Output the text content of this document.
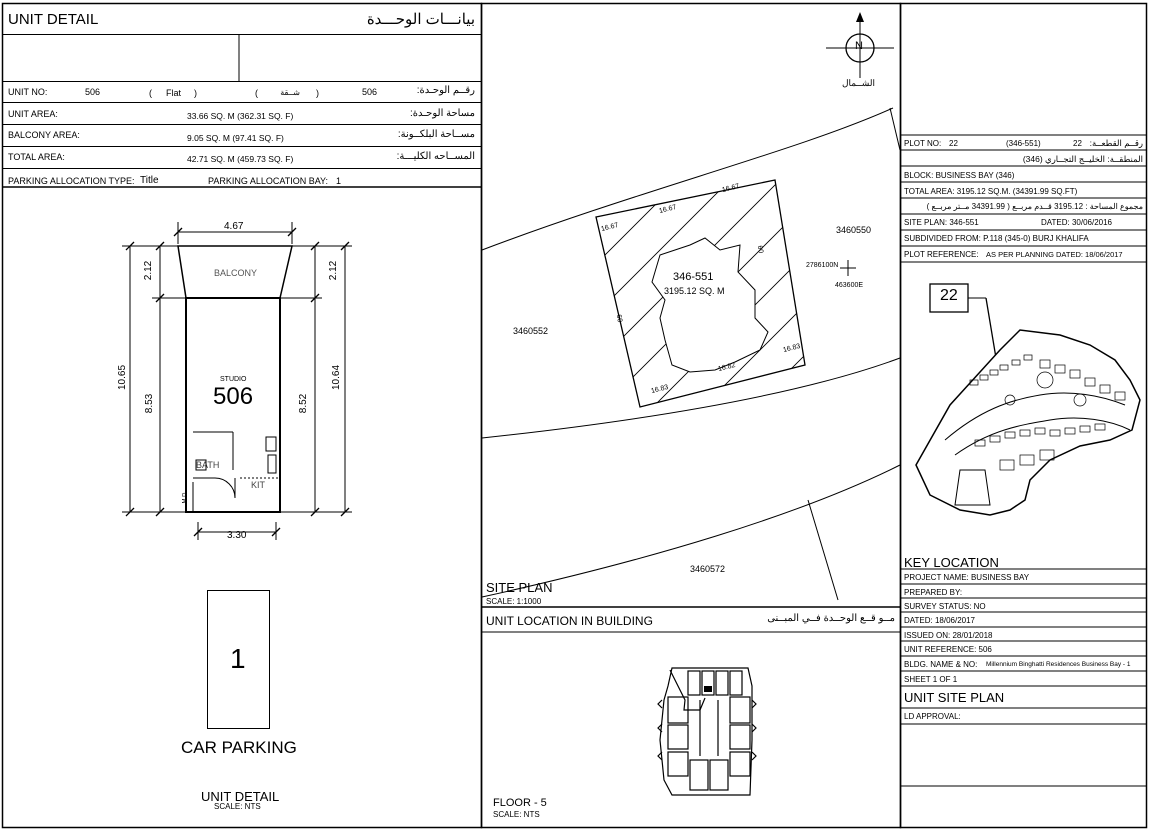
UNIT DETAIL	بيانـــات الوحـــدة
UNIT NO:	506	( Flat )	(	شــقة )	506	رقــم الوحـدة:
UNIT AREA:	33.66 SQ. M (362.31 SQ. F)	مساحة الوحـدة:
BALCONY AREA:	9.05 SQ. M (97.41 SQ. F)	مســاحة البلكــونة:
TOTAL AREA:	42.71 SQ. M (459.73 SQ. F)	المســاحه الكليـــة:
PARKING ALLOCATION TYPE: Title	PARKING ALLOCATION BAY: 1
4.67
3.30
10.65
2.12
8.53
10.64
2.12
8.52
BALCONY
STUDIO
506
BATH
KIT
M.D
1
CAR PARKING
UNIT DETAIL
SCALE: NTS
N
الشــمال
346-551
3195.12 SQ. M
16.67
16.67
16.67
60
60
16.83
16.82
16.83
3460552
3460550
3460572
2786100N
463600E
SITE PLAN
SCALE: 1:1000
UNIT LOCATION IN BUILDING	مــو قــع الوحــدة فــي المبــنى
FLOOR - 5
SCALE: NTS
PLOT NO: 22	(346-551)	22 رقــم القطعــة:
المنطقــة: الخليــج التجــاري (346)
BLOCK: BUSINESS BAY (346)
TOTAL AREA: 3195.12 SQ.M. (34391.99 SQ.FT)
مجموع المساحة : 3195.12 قــدم مربــع ( 34391.99 مــتر مربــع )
SITE PLAN: 346-551	DATED: 30/06/2016
SUBDIVIDED FROM: P.118 (345-0) BURJ KHALIFA
PLOT REFERENCE: AS PER PLANNING DATED: 18/06/2017
22
KEY LOCATION
PROJECT NAME: BUSINESS BAY
PREPARED BY:
SURVEY STATUS: NO
DATED: 18/06/2017
ISSUED ON: 28/01/2018
UNIT REFERENCE: 506
BLDG. NAME & NO: Millennium Binghatti Residences Business Bay - 1
SHEET 1 OF 1
UNIT SITE PLAN
LD APPROVAL:
